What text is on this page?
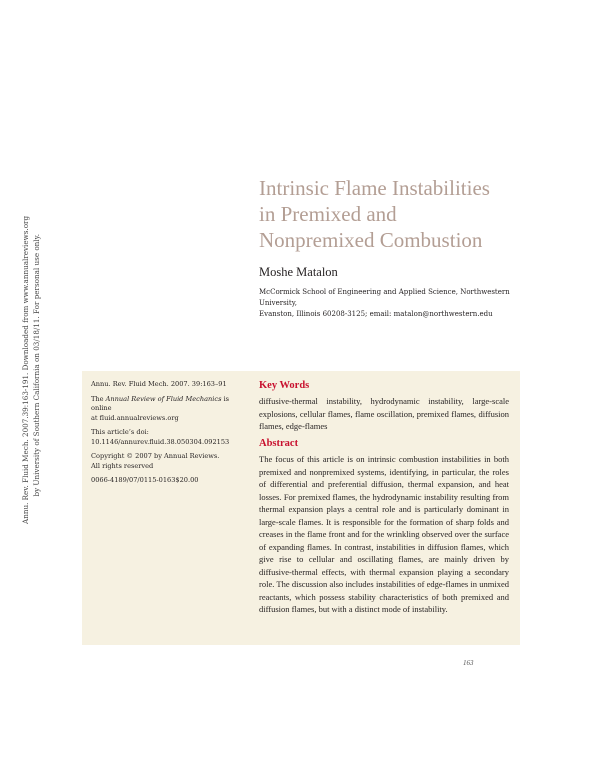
Annu. Rev. Fluid Mech. 2007.39:163-191. Downloaded from www.annualreviews.org by University of Southern California on 03/18/11. For personal use only.
Intrinsic Flame Instabilities
in Premixed and
Nonpremixed Combustion

Moshe Matalon

McCormick School of Engineering and Applied Science, Northwestern University,
Evanston, Illinois 60208-3125; email: matalon@northwestern.edu

Annu. Rev. Fluid Mech. 2007. 39:163–91

The Annual Review of Fluid Mechanics is online
at fluid.annualreviews.org

This article’s doi:
10.1146/annurev.fluid.38.050304.092153

Copyright © 2007 by Annual Reviews.
All rights reserved

0066-4189/07/0115-0163$20.00

Key Words

diffusive-thermal instability, hydrodynamic instability, large-scale explosions, cellular flames, flame oscillation, premixed flames, diffusion flames, edge-flames

Abstract

The focus of this article is on intrinsic combustion instabilities in both premixed and nonpremixed systems, identifying, in particular, the roles of differential and preferential diffusion, thermal expansion, and heat losses. For premixed flames, the hydrodynamic instability resulting from thermal expansion plays a central role and is particularly dominant in large-scale flames. It is responsible for the formation of sharp folds and creases in the flame front and for the wrinkling observed over the surface of expanding flames. In contrast, instabilities in diffusion flames, which give rise to cellular and oscillating flames, are mainly driven by diffusive-thermal effects, with thermal expansion playing a secondary role. The discussion also includes instabilities of edge-flames in unmixed reactants, which possess stability characteristics of both premixed and diffusion flames, but with a distinct mode of instability.

163
